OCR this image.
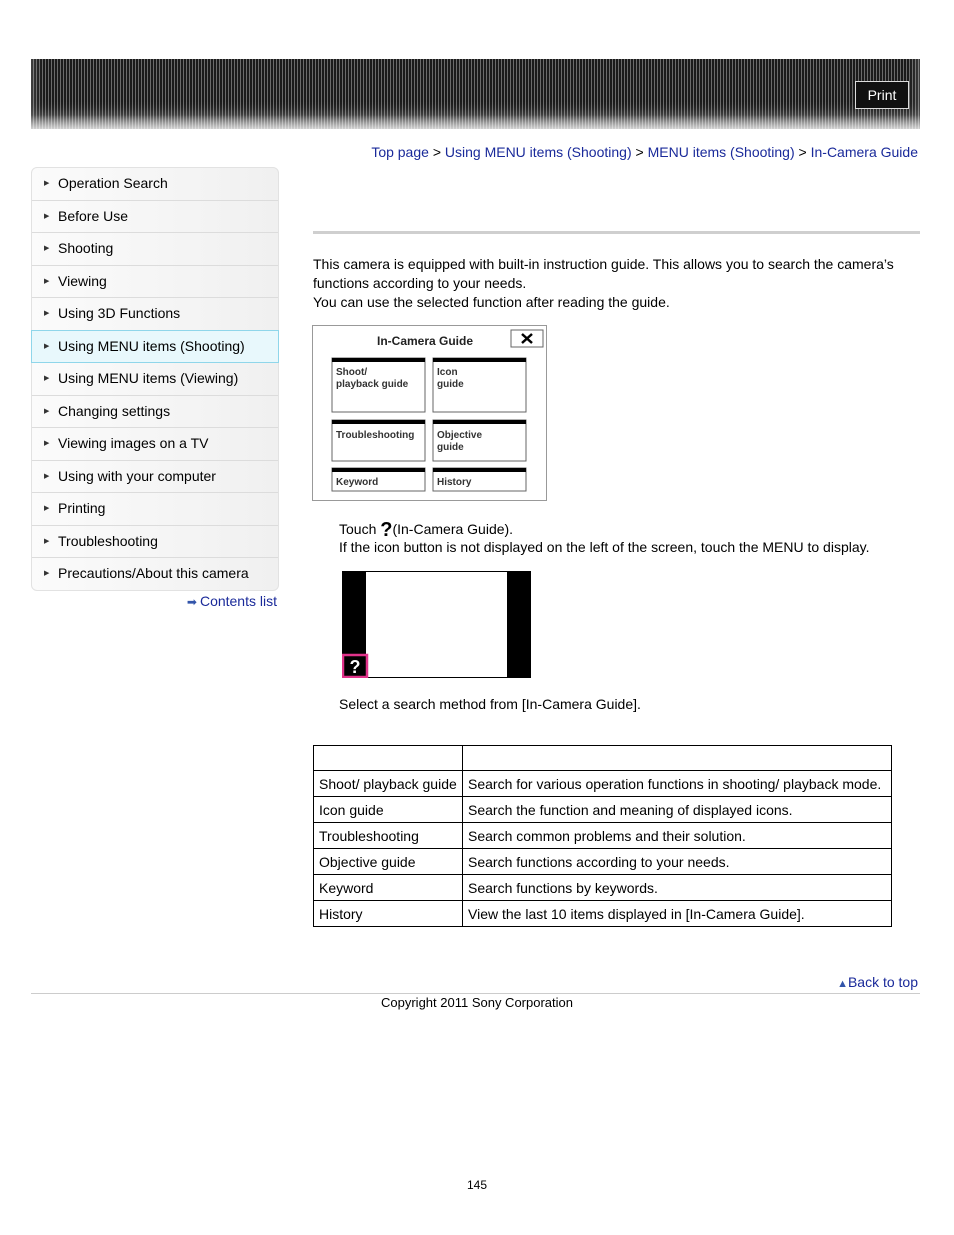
Print
Top page > Using MENU items (Shooting) > MENU items (Shooting) > In-Camera Guide
▶ Operation Search
▶ Before Use
▶ Shooting
▶ Viewing
▶ Using 3D Functions
▶ Using MENU items (Shooting)
▶ Using MENU items (Viewing)
▶ Changing settings
▶ Viewing images on a TV
▶ Using with your computer
▶ Printing
▶ Troubleshooting
▶ Precautions/About this camera
➡ Contents list
This camera is equipped with built-in instruction guide. This allows you to search the camera’s functions according to your needs.
You can use the selected function after reading the guide.
In-Camera Guide
Shoot/
playback guide
Icon
guide
Troubleshooting Objective
guide
Keyword	History
Touch ?(In-Camera Guide).
If the icon button is not displayed on the left of the screen, touch the MENU to display.
?
Select a search method from [In-Camera Guide].

Shoot/ playback guide	Search for various operation functions in shooting/ playback mode.
Icon guide	Search the function and meaning of displayed icons.
Troubleshooting	Search common problems and their solution.
Objective guide	Search functions according to your needs.
Keyword	Search functions by keywords.
History	View the last 10 items displayed in [In-Camera Guide].
▲Back to top
Copyright 2011 Sony Corporation
145
